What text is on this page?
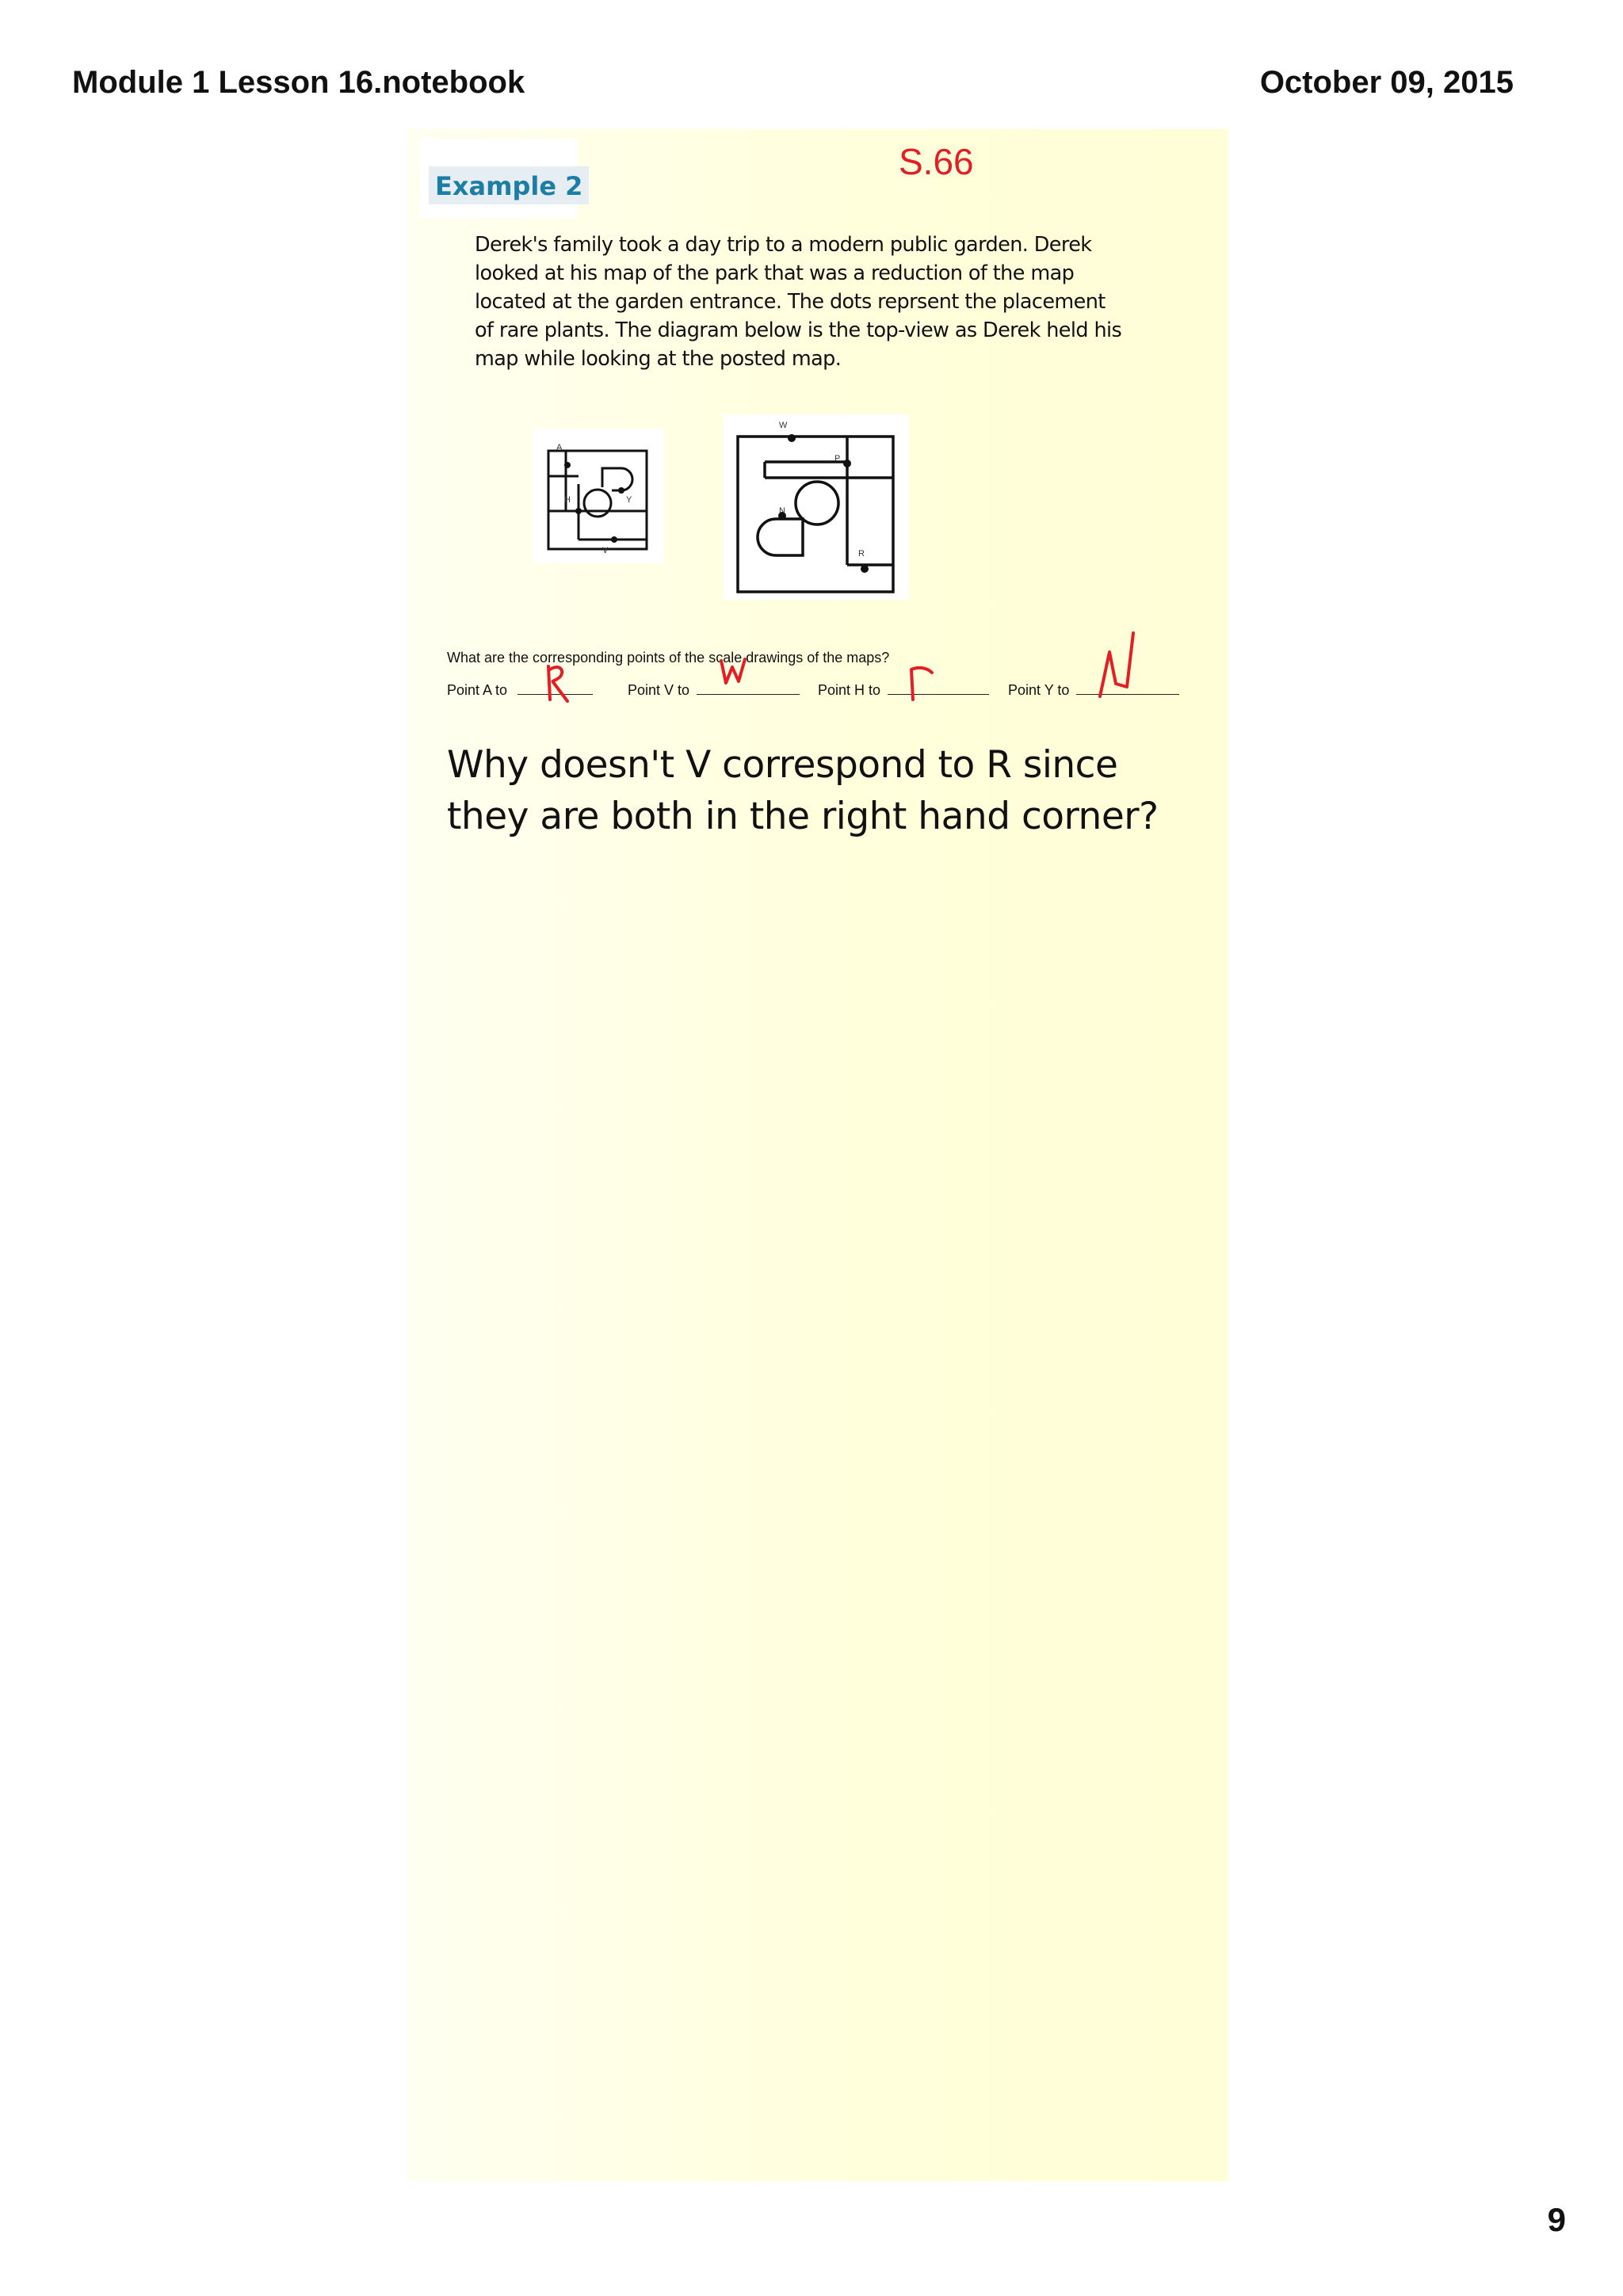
Module 1 Lesson 16.notebook	October 09, 2015
Example 2
S.66
Derek's family took a day trip to a modern public garden. Derek looked at his map of the park that was a reduction of the map located at the garden entrance. The dots reprsent the placement of rare plants. The diagram below is the top-view as Derek held his map while looking at the posted map.
A
H	Y
V
W
P
N
R
What are the corresponding points of the scale drawings of the maps?
Point A to	Point V to	Point H to	Point Y to
Why doesn't V correspond to R since they are both in the right hand corner?
9
